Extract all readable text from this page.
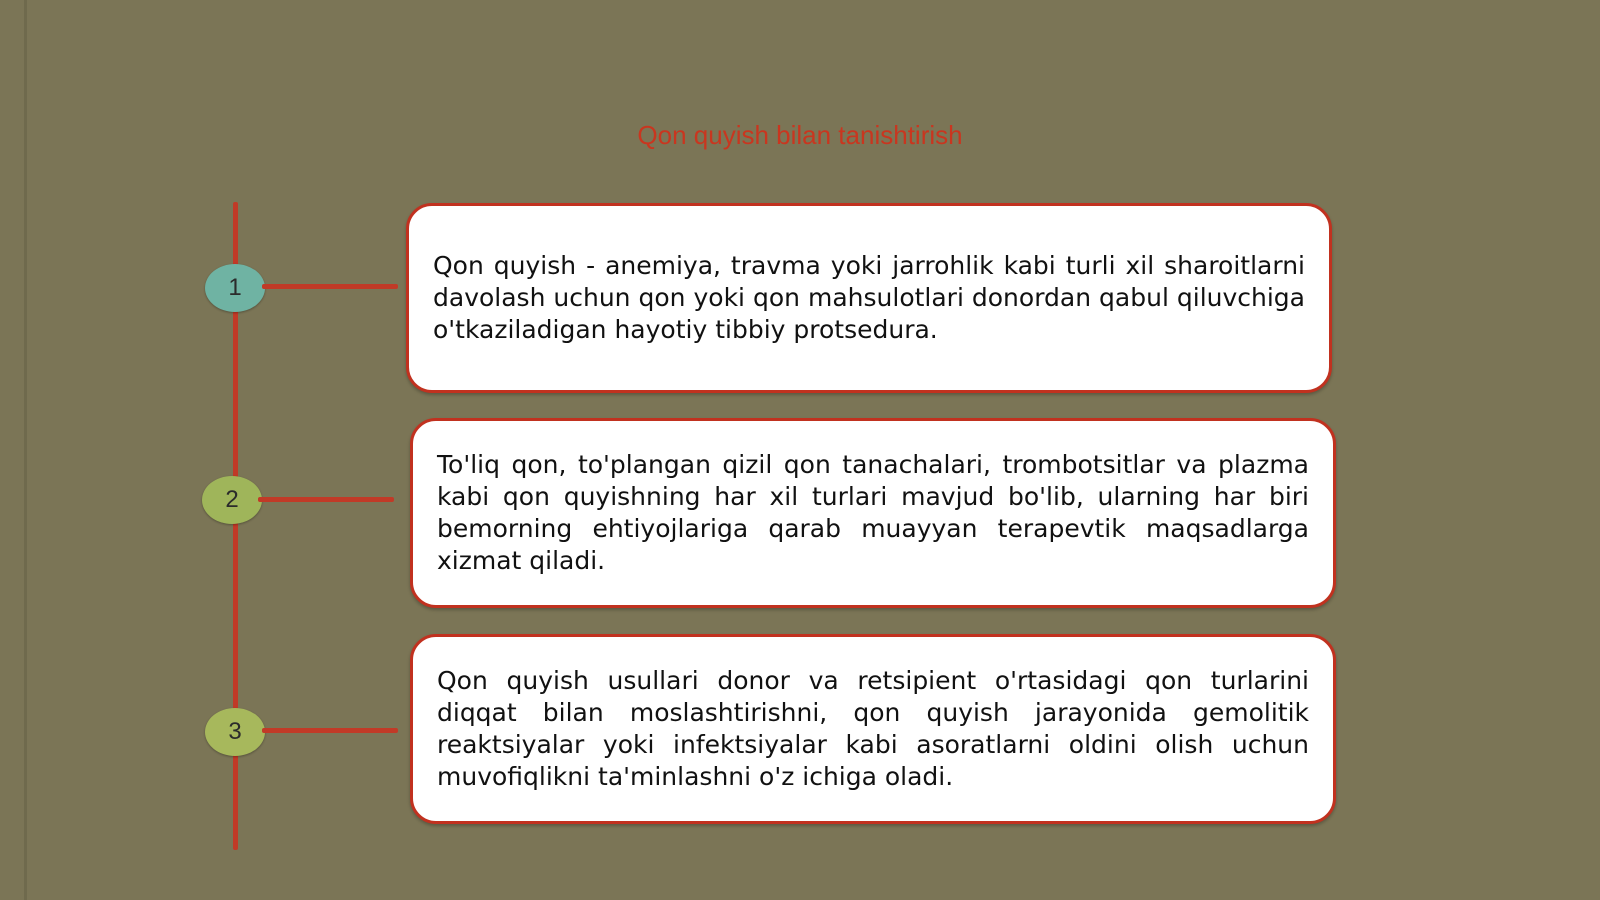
Qon quyish bilan tanishtirish
1

Qon quyish - anemiya, travma yoki jarrohlik kabi turli xil sharoitlarni davolash uchun qon yoki qon mahsulotlari donordan qabul qiluvchiga o'tkaziladigan hayotiy tibbiy protsedura.

2

To'liq qon, to'plangan qizil qon tanachalari, trombotsitlar va plazma kabi qon quyishning har xil turlari mavjud bo'lib, ularning har biri bemorning ehtiyojlariga qarab muayyan terapevtik maqsadlarga xizmat qiladi.

3

Qon quyish usullari donor va retsipient o'rtasidagi qon turlarini diqqat bilan moslashtirishni, qon quyish jarayonida gemolitik reaktsiyalar yoki infektsiyalar kabi asoratlarni oldini olish uchun muvofiqlikni ta'minlashni o'z ichiga oladi.
